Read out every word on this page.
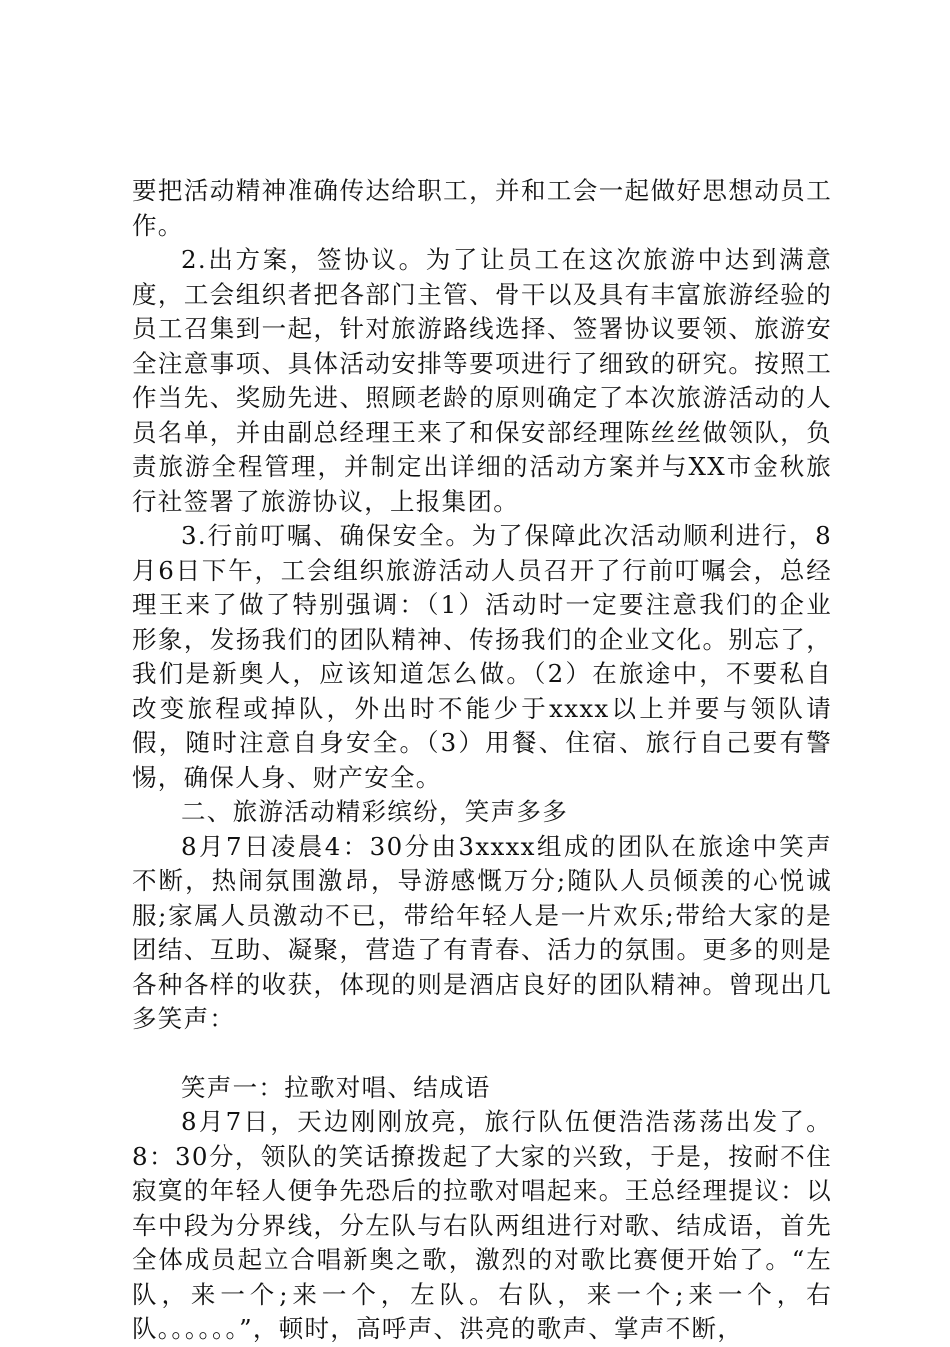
要把活动精神准确传达给职工，并和工会一起做好思想动员工作。

2.出方案，签协议。为了让员工在这次旅游中达到满意度，工会组织者把各部门主管、骨干以及具有丰富旅游经验的员工召集到一起，针对旅游路线选择、签署协议要领、旅游安全注意事项、具体活动安排等要项进行了细致的研究。按照工作当先、奖励先进、照顾老龄的原则确定了本次旅游活动的人员名单，并由副总经理王来了和保安部经理陈丝丝做领队，负责旅游全程管理，并制定出详细的活动方案并与XX市金秋旅行社签署了旅游协议，上报集团。

3.行前叮嘱、确保安全。为了保障此次活动顺利进行，8月6日下午，工会组织旅游活动人员召开了行前叮嘱会，总经理王来了做了特别强调：（1）活动时一定要注意我们的企业形象，发扬我们的团队精神、传扬我们的企业文化。别忘了，我们是新奥人，应该知道怎么做。（2）在旅途中，不要私自改变旅程或掉队，外出时不能少于xxxx以上并要与领队请假，随时注意自身安全。（3）用餐、住宿、旅行自己要有警惕，确保人身、财产安全。

二、旅游活动精彩缤纷，笑声多多

8月7日凌晨4：30分由3xxxx组成的团队在旅途中笑声不断，热闹氛围激昂，导游感慨万分;随队人员倾羡的心悦诚服;家属人员激动不已，带给年轻人是一片欢乐;带给大家的是团结、互助、凝聚，营造了有青春、活力的氛围。更多的则是各种各样的收获，体现的则是酒店良好的团队精神。曾现出几多笑声：

笑声一：拉歌对唱、结成语

8月7日，天边刚刚放亮，旅行队伍便浩浩荡荡出发了。8：30分，领队的笑话撩拨起了大家的兴致，于是，按耐不住寂寞的年轻人便争先恐后的拉歌对唱起来。王总经理提议：以车中段为分界线，分左队与右队两组进行对歌、结成语，首先全体成员起立合唱新奥之歌，激烈的对歌比赛便开始了。“左队，来一个;来一个，左队。右队，来一个;来一个，右队。。。。。。”，顿时，高呼声、洪亮的歌声、掌声不断，
